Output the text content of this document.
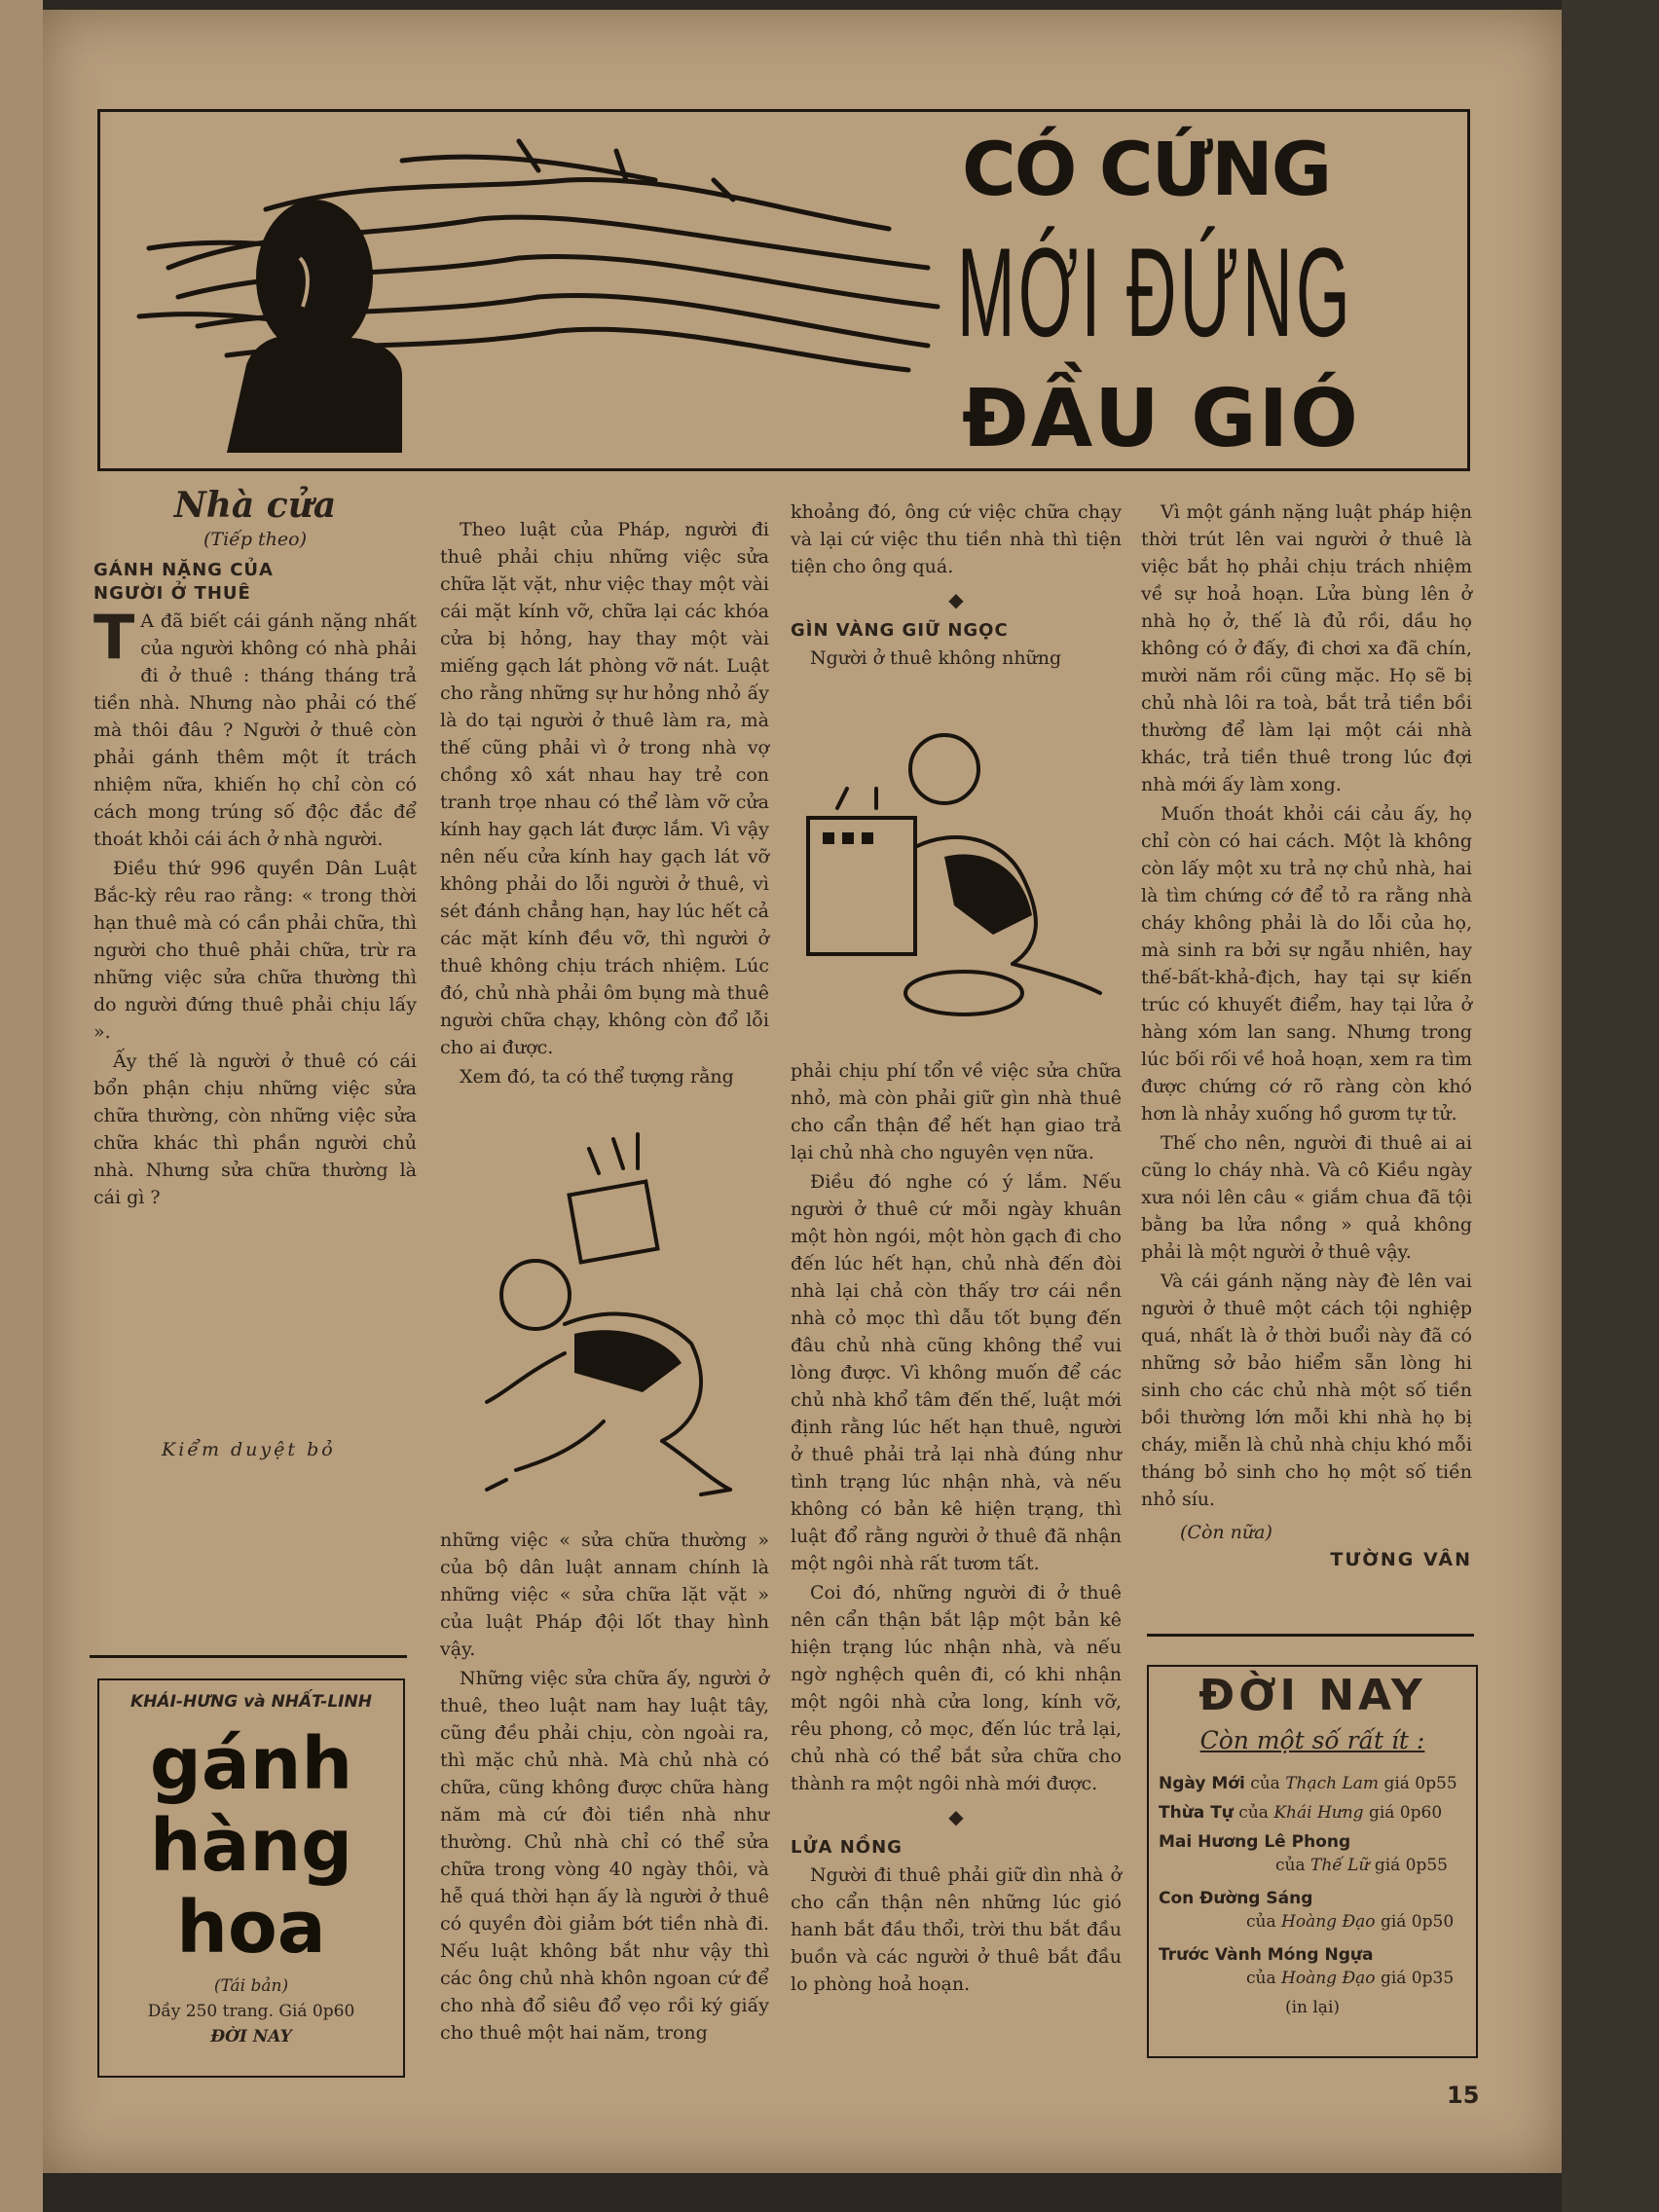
CÓ CỨNG
MỚI ĐỨNG
ĐẦU GIÓ
Nhà cửa
(Tiếp theo)
GÁNH NẶNG CỦA
NGƯỜI Ở THUÊ

T A đã biết cái gánh nặng nhất của người không có nhà phải đi ở thuê : tháng tháng trả tiền nhà. Nhưng nào phải có thế mà thôi đâu ? Người ở thuê còn phải gánh thêm một ít trách nhiệm nữa, khiến họ chỉ còn có cách mong trúng số độc đắc để thoát khỏi cái ách ở nhà người.

Điều thứ 996 quyền Dân Luật Bắc-kỳ rêu rao rằng: « trong thời hạn thuê mà có cần phải chữa, thì người cho thuê phải chữa, trừ ra những việc sửa chữa thường thì do người đứng thuê phải chịu lấy ».

Ấy thế là người ở thuê có cái bổn phận chịu những việc sửa chữa thường, còn những việc sửa chữa khác thì phần người chủ nhà. Nhưng sửa chữa thường là cái gì ?

Kiểm duyệt bỏ
KHÁI-HƯNG và NHẤT-LINH
gánh
hàng
hoa
(Tái bản)
Dầy 250 trang. Giá 0p60
ĐỜI NAY

Theo luật của Pháp, người đi thuê phải chịu những việc sửa chữa lặt vặt, như việc thay một vài cái mặt kính vỡ, chữa lại các khóa cửa bị hỏng, hay thay một vài miếng gạch lát phòng vỡ nát. Luật cho rằng những sự hư hỏng nhỏ ấy là do tại người ở thuê làm ra, mà thế cũng phải vì ở trong nhà vợ chồng xô xát nhau hay trẻ con tranh trọe nhau có thể làm vỡ cửa kính hay gạch lát được lắm. Vì vậy nên nếu cửa kính hay gạch lát vỡ không phải do lỗi người ở thuê, vì sét đánh chẳng hạn, hay lúc hết cả các mặt kính đều vỡ, thì người ở thuê không chịu trách nhiệm. Lúc đó, chủ nhà phải ôm bụng mà thuê người chữa chạy, không còn đổ lỗi cho ai được.

Xem đó, ta có thể tượng rằng

những việc « sửa chữa thường » của bộ dân luật annam chính là những việc « sửa chữa lặt vặt » của luật Pháp đội lốt thay hình vậy.

Những việc sửa chữa ấy, người ở thuê, theo luật nam hay luật tây, cũng đều phải chịu, còn ngoài ra, thì mặc chủ nhà. Mà chủ nhà có chữa, cũng không được chữa hàng năm mà cứ đòi tiền nhà như thường. Chủ nhà chỉ có thể sửa chữa trong vòng 40 ngày thôi, và hễ quá thời hạn ấy là người ở thuê có quyền đòi giảm bớt tiền nhà đi. Nếu luật không bắt như vậy thì các ông chủ nhà khôn ngoan cứ để cho nhà đổ siêu đổ vẹo rồi ký giấy cho thuê một hai năm, trong

khoảng đó, ông cứ việc chữa chạy và lại cứ việc thu tiền nhà thì tiện tiện cho ông quá.

◆
GÌN VÀNG GIỮ NGỌC

Người ở thuê không những

phải chịu phí tổn về việc sửa chữa nhỏ, mà còn phải giữ gìn nhà thuê cho cẩn thận để hết hạn giao trả lại chủ nhà cho nguyên vẹn nữa.

Điều đó nghe có ý lắm. Nếu người ở thuê cứ mỗi ngày khuân một hòn ngói, một hòn gạch đi cho đến lúc hết hạn, chủ nhà đến đòi nhà lại chả còn thấy trơ cái nền nhà cỏ mọc thì dẫu tốt bụng đến đâu chủ nhà cũng không thể vui lòng được. Vì không muốn để các chủ nhà khổ tâm đến thế, luật mới định rằng lúc hết hạn thuê, người ở thuê phải trả lại nhà đúng như tình trạng lúc nhận nhà, và nếu không có bản kê hiện trạng, thì luật đổ rằng người ở thuê đã nhận một ngôi nhà rất tươm tất.

Coi đó, những người đi ở thuê nên cẩn thận bắt lập một bản kê hiện trạng lúc nhận nhà, và nếu ngờ nghệch quên đi, có khi nhận một ngôi nhà cửa long, kính vỡ, rêu phong, cỏ mọc, đến lúc trả lại, chủ nhà có thể bắt sửa chữa cho thành ra một ngôi nhà mới được.

◆
LỬA NỒNG

Người đi thuê phải giữ dìn nhà ở cho cẩn thận nên những lúc gió hanh bắt đầu thổi, trời thu bắt đầu buồn và các người ở thuê bắt đầu lo phòng hoả hoạn.

Vì một gánh nặng luật pháp hiện thời trút lên vai người ở thuê là việc bắt họ phải chịu trách nhiệm về sự hoả hoạn. Lửa bùng lên ở nhà họ ở, thế là đủ rồi, dầu họ không có ở đấy, đi chơi xa đã chín, mười năm rồi cũng mặc. Họ sẽ bị chủ nhà lôi ra toà, bắt trả tiền bồi thường để làm lại một cái nhà khác, trả tiền thuê trong lúc đợi nhà mới ấy làm xong.

Muốn thoát khỏi cái cảu ấy, họ chỉ còn có hai cách. Một là không còn lấy một xu trả nợ chủ nhà, hai là tìm chứng cớ để tỏ ra rằng nhà cháy không phải là do lỗi của họ, mà sinh ra bởi sự ngẫu nhiên, hay thế-bất-khả-địch, hay tại sự kiến trúc có khuyết điểm, hay tại lửa ở hàng xóm lan sang. Nhưng trong lúc bối rối về hoả hoạn, xem ra tìm được chứng cớ rõ ràng còn khó hơn là nhảy xuống hồ gươm tự tử.

Thế cho nên, người đi thuê ai ai cũng lo cháy nhà. Và cô Kiều ngày xưa nói lên câu « giắm chua đã tội bằng ba lửa nồng » quả không phải là một người ở thuê vậy.

Và cái gánh nặng này đè lên vai người ở thuê một cách tội nghiệp quá, nhất là ở thời buổi này đã có những sở bảo hiểm sẵn lòng hi sinh cho các chủ nhà một số tiền bồi thường lớn mỗi khi nhà họ bị cháy, miễn là chủ nhà chịu khó mỗi tháng bỏ sinh cho họ một số tiền nhỏ síu.

(Còn nữa)
TƯỜNG VÂN
ĐỜI NAY
Còn một số rất ít :
Ngày Mới của Thạch Lam giá 0p55
Thừa Tự của Khái Hưng giá 0p60
Mai Hương Lê Phong
của Thế Lữ giá 0p55
Con Đường Sáng
của Hoàng Đạo giá 0p50
Trước Vành Móng Ngựa
của Hoàng Đạo giá 0p35
(in lại)
15
